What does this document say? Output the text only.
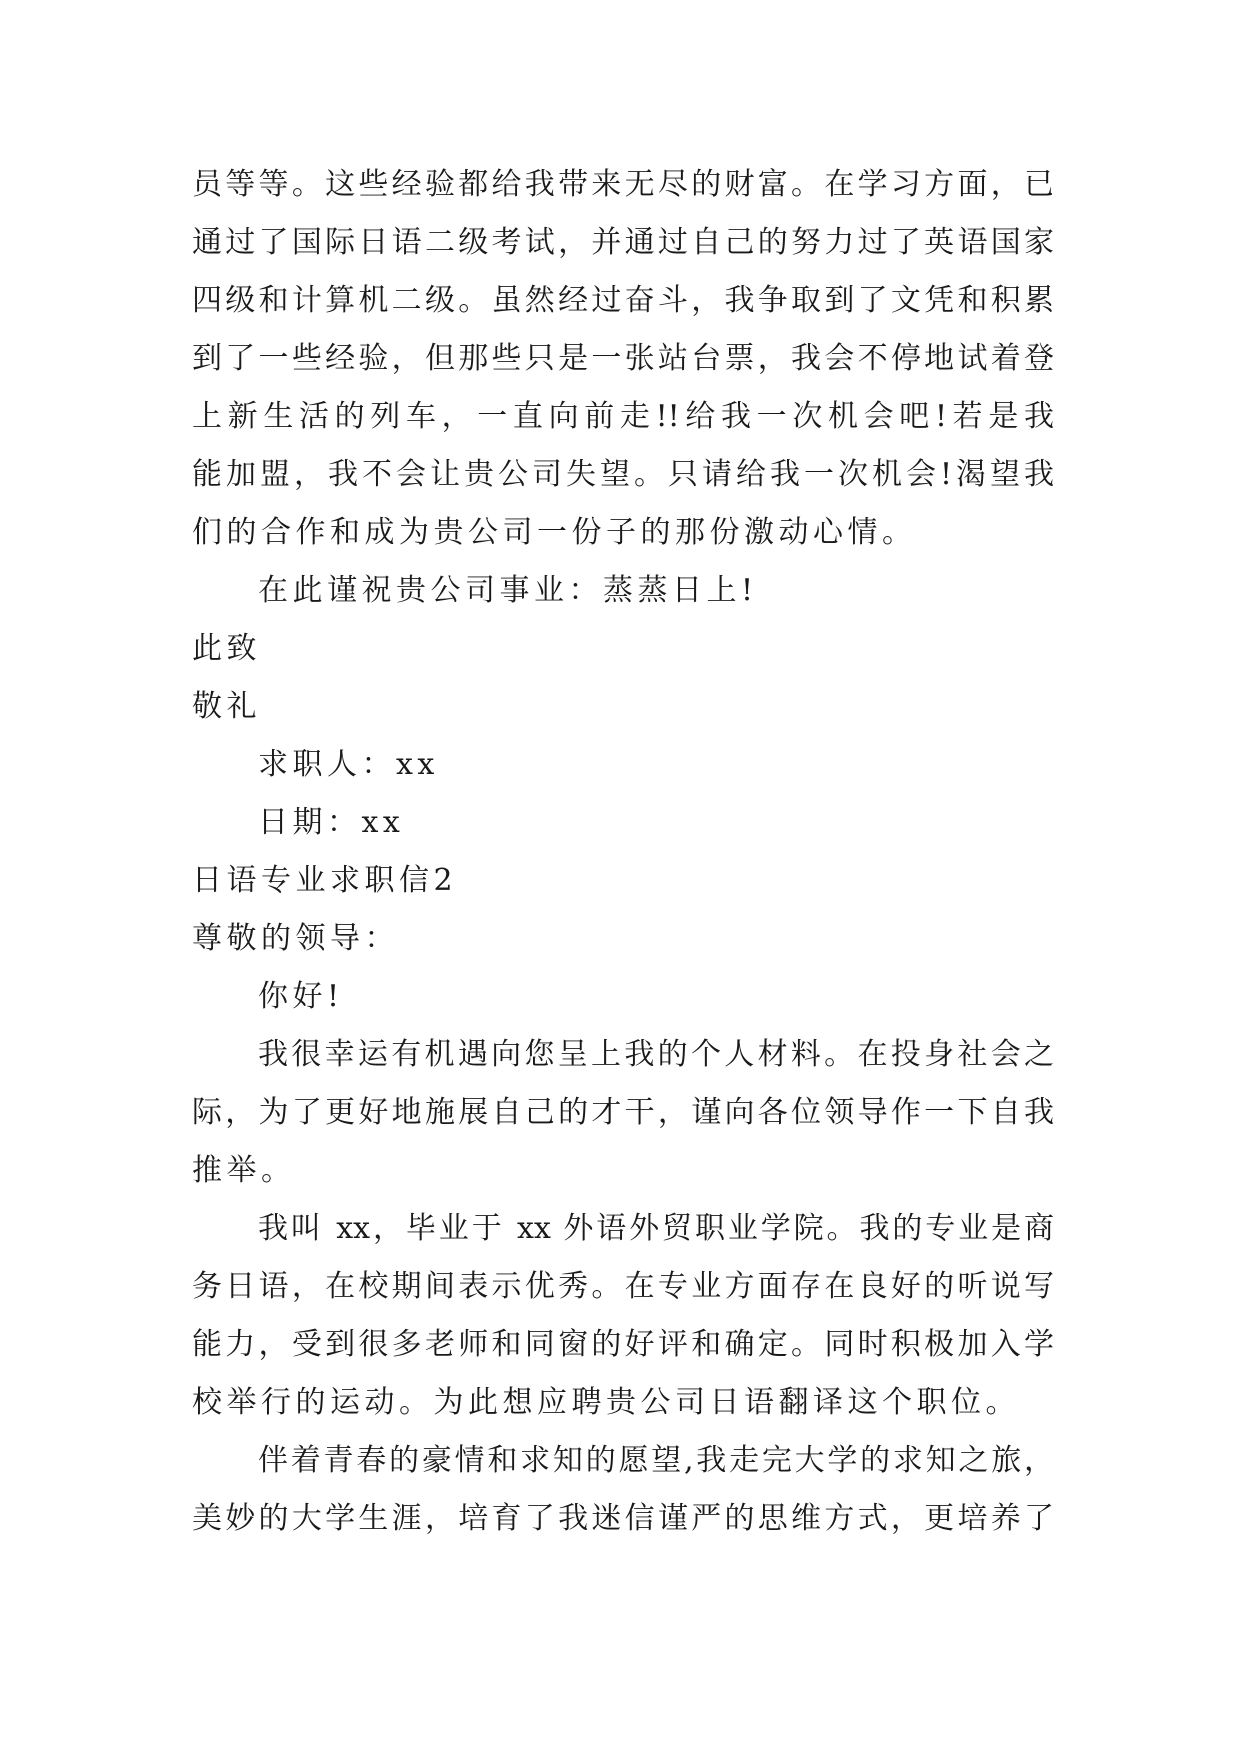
员等等。这些经验都给我带来无尽的财富。在学习方面，已
通过了国际日语二级考试，并通过自己的努力过了英语国家
四级和计算机二级。虽然经过奋斗，我争取到了文凭和积累
到了一些经验，但那些只是一张站台票，我会不停地试着登
上新生活的列车，一直向前走!!给我一次机会吧!若是我
能加盟，我不会让贵公司失望。只请给我一次机会!渴望我
们的合作和成为贵公司一份子的那份激动心情。
在此谨祝贵公司事业：蒸蒸日上!
此致
敬礼
求职人：xx
日期：xx
日语专业求职信2
尊敬的领导：
你好!
我很幸运有机遇向您呈上我的个人材料。在投身社会之
际，为了更好地施展自己的才干，谨向各位领导作一下自我
推举。
我叫 xx，毕业于 xx 外语外贸职业学院。我的专业是商
务日语，在校期间表示优秀。在专业方面存在良好的听说写
能力，受到很多老师和同窗的好评和确定。同时积极加入学
校举行的运动。为此想应聘贵公司日语翻译这个职位。
伴着青春的豪情和求知的愿望,我走完大学的求知之旅，
美妙的大学生涯，培育了我迷信谨严的思维方式，更培养了
